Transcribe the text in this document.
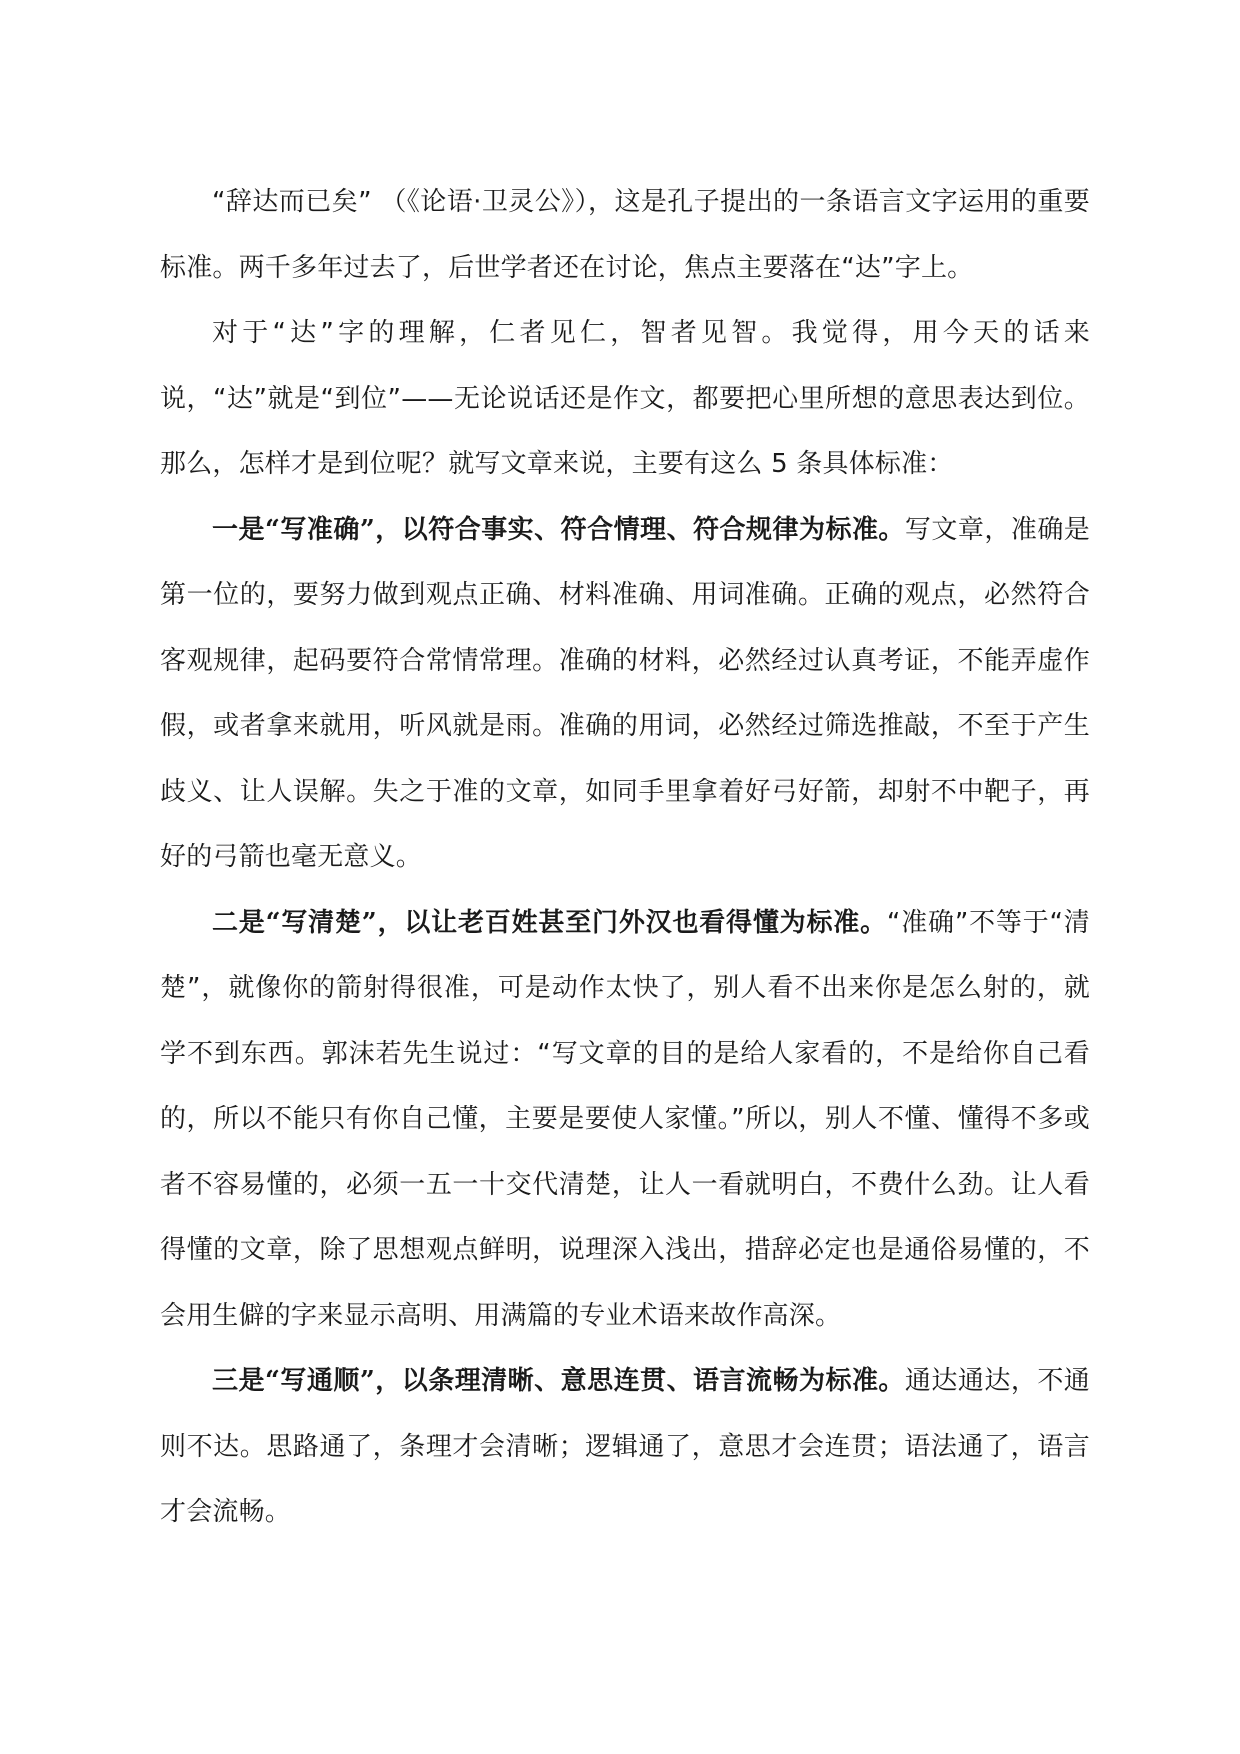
“辞达而已矣” （《论语·卫灵公》），这是孔子提出的一条语言文字运用的重要标准。两千多年过去了，后世学者还在讨论，焦点主要落在“达”字上。

对于“达”字的理解，仁者见仁，智者见智。我觉得，用今天的话来说，“达”就是“到位”——无论说话还是作文，都要把心里所想的意思表达到位。那么，怎样才是到位呢？就写文章来说，主要有这么 5 条具体标准：

一是“写准确”，以符合事实、符合情理、符合规律为标准。写文章，准确是第一位的，要努力做到观点正确、材料准确、用词准确。正确的观点，必然符合客观规律，起码要符合常情常理。准确的材料，必然经过认真考证，不能弄虚作假，或者拿来就用，听风就是雨。准确的用词，必然经过筛选推敲，不至于产生歧义、让人误解。失之于准的文章，如同手里拿着好弓好箭，却射不中靶子，再好的弓箭也毫无意义。

二是“写清楚”，以让老百姓甚至门外汉也看得懂为标准。“准确”不等于“清楚”，就像你的箭射得很准，可是动作太快了，别人看不出来你是怎么射的，就学不到东西。郭沫若先生说过：“写文章的目的是给人家看的，不是给你自己看的，所以不能只有你自己懂，主要是要使人家懂。”所以，别人不懂、懂得不多或者不容易懂的，必须一五一十交代清楚，让人一看就明白，不费什么劲。让人看得懂的文章，除了思想观点鲜明，说理深入浅出，措辞必定也是通俗易懂的，不会用生僻的字来显示高明、用满篇的专业术语来故作高深。

三是“写通顺”，以条理清晰、意思连贯、语言流畅为标准。通达通达，不通则不达。思路通了，条理才会清晰；逻辑通了，意思才会连贯；语法通了，语言才会流畅。
